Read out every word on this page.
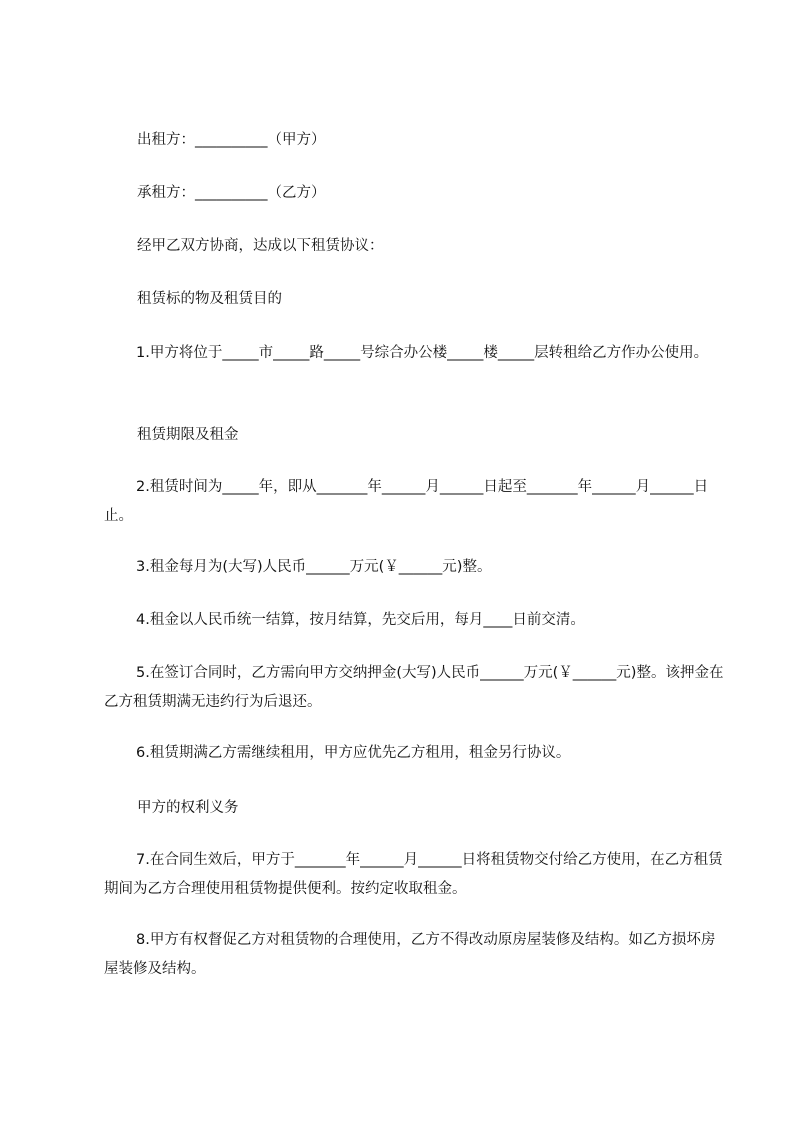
出租方：__________（甲方）

承租方：__________（乙方）

经甲乙双方协商，达成以下租赁协议：

租赁标的物及租赁目的

1.甲方将位于_____市_____路_____号综合办公楼_____楼_____层转租给乙方作办公使用。

租赁期限及租金

2.租赁时间为_____年，即从_______年______月______日起至_______年______月______日止。

3.租金每月为(大写)人民币______万元(￥______元)整。

4.租金以人民币统一结算，按月结算，先交后用，每月____日前交清。

5.在签订合同时，乙方需向甲方交纳押金(大写)人民币______万元(￥______元)整。该押金在乙方租赁期满无违约行为后退还。

6.租赁期满乙方需继续租用，甲方应优先乙方租用，租金另行协议。

甲方的权利义务

7.在合同生效后，甲方于_______年______月______日将租赁物交付给乙方使用，在乙方租赁期间为乙方合理使用租赁物提供便利。按约定收取租金。

8.甲方有权督促乙方对租赁物的合理使用，乙方不得改动原房屋装修及结构。如乙方损坏房屋装修及结构。
